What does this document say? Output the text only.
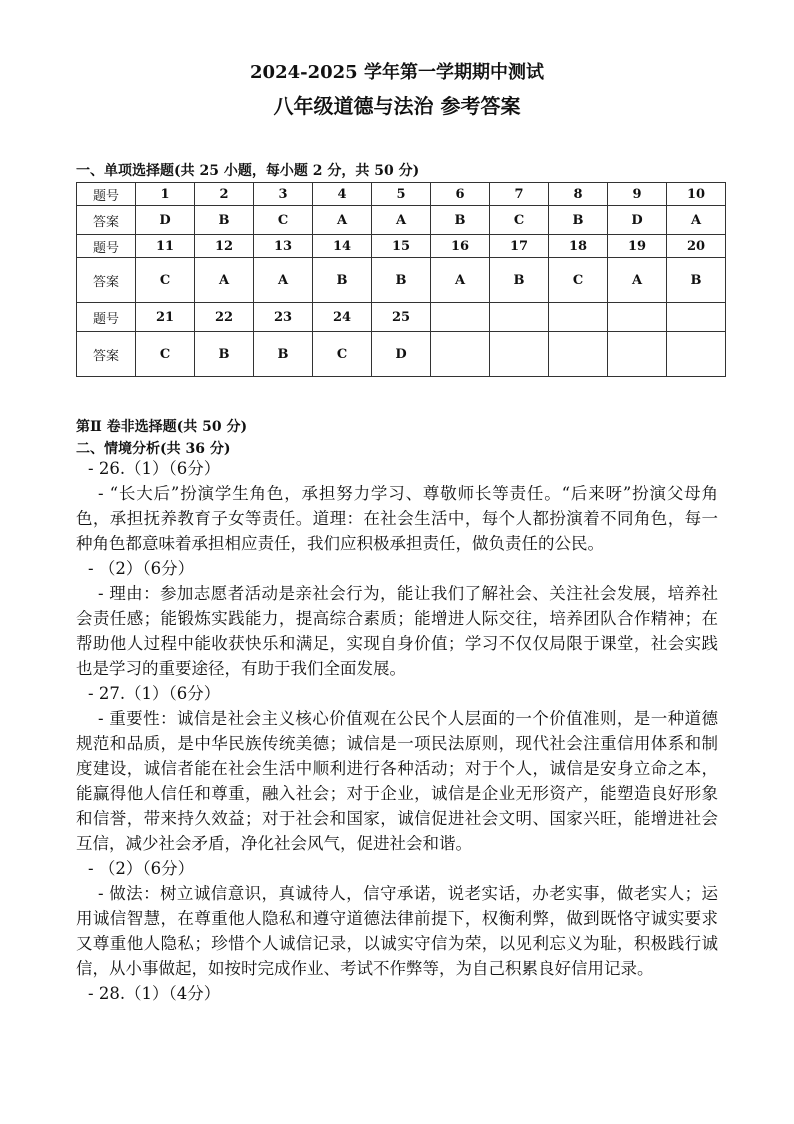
2024-2025 学年第一学期期中测试
八年级道德与法治 参考答案
一、单项选择题(共 25 小题，每小题 2 分，共 50 分)
题号	1	2	3	4	5	6	7	8	9	10
答案	D	B	C	A	A	B	C	B	D	A
题号	11	12	13	14	15	16	17	18	19	20
答案	C	A	A	B	B	A	B	C	A	B
题号	21	22	23	24	25					
答案	C	B	B	C	D					
第Ⅱ 卷非选择题(共 50 分)
二、情境分析(共 36 分)

- 26.（1）（6分）

- “长大后”扮演学生角色，承担努力学习、尊敬师长等责任。“后来呀”扮演父母角色，承担抚养教育子女等责任。道理：在社会生活中，每个人都扮演着不同角色，每一种角色都意味着承担相应责任，我们应积极承担责任，做负责任的公民。

- （2）（6分）

- 理由：参加志愿者活动是亲社会行为，能让我们了解社会、关注社会发展，培养社会责任感；能锻炼实践能力，提高综合素质；能增进人际交往，培养团队合作精神；在帮助他人过程中能收获快乐和满足，实现自身价值；学习不仅仅局限于课堂，社会实践也是学习的重要途径，有助于我们全面发展。

- 27.（1）（6分）

- 重要性：诚信是社会主义核心价值观在公民个人层面的一个价值准则，是一种道德规范和品质，是中华民族传统美德；诚信是一项民法原则，现代社会注重信用体系和制度建设，诚信者能在社会生活中顺利进行各种活动；对于个人，诚信是安身立命之本，能赢得他人信任和尊重，融入社会；对于企业，诚信是企业无形资产，能塑造良好形象和信誉，带来持久效益；对于社会和国家，诚信促进社会文明、国家兴旺，能增进社会互信，减少社会矛盾，净化社会风气，促进社会和谐。

- （2）（6分）

- 做法：树立诚信意识，真诚待人，信守承诺，说老实话，办老实事，做老实人；运用诚信智慧，在尊重他人隐私和遵守道德法律前提下，权衡利弊，做到既恪守诚实要求又尊重他人隐私；珍惜个人诚信记录，以诚实守信为荣，以见利忘义为耻，积极践行诚信，从小事做起，如按时完成作业、考试不作弊等，为自己积累良好信用记录。

- 28.（1）（4分）
